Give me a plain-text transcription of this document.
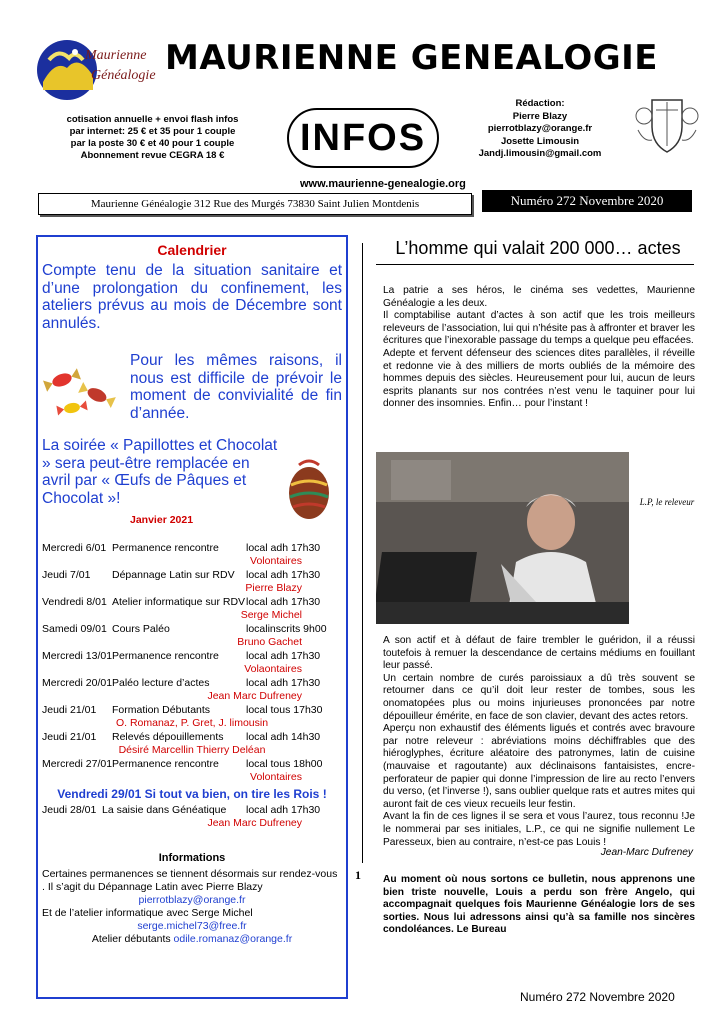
Maurienne
Généalogie MAURIENNE GENEALOGIE
cotisation annuelle + envoi flash infos
par internet: 25 € et 35 pour 1 couple
par la poste 30 € et 40 pour 1 couple
Abonnement revue CEGRA 18 €	INFOS
Rédaction:
Pierre Blazy
pierrotblazy@orange.fr
Josette Limousin
Jandj.limousin@gmail.com
www.maurienne-genealogie.org
Maurienne Généalogie 312 Rue des Murgés 73830 Saint Julien Montdenis	Numéro 272 Novembre 2020
Calendrier
Compte tenu de la situation sanitaire et d’une prolongation du confinement, les ateliers prévus au mois de Décembre sont annulés.
Pour les mêmes raisons, il nous est difficile de prévoir le moment de convivialité de fin d’année.
La soirée « Papillottes et Chocolat » sera peut-être remplacée en avril par « Œufs de Pâques et Chocolat »!
Janvier 2021
Mercredi 6/01 Permanence rencontre	local adh 17h30
Volontaires
Jeudi 7/01 Dépannage Latin sur RDV local adh 17h30
Pierre Blazy
Vendredi 8/01 Atelier informatique sur RDV local adh 17h30
Serge Michel
Samedi 09/01 Cours Paléo	localinscrits 9h00
Bruno Gachet
Mercredi 13/01 Permanence rencontre	local adh 17h30
Volaontaires
Mercredi 20/01 Paléo lecture d’actes	local adh 17h30
Jean Marc Dufreney
Jeudi 21/01 Formation Débutants	local tous 17h30
O. Romanaz, P. Gret, J. limousin
Jeudi 21/01 Relevés dépouillements local adh 14h30
Désiré Marcellin Thierry Deléan
Mercredi 27/01 Permanence rencontre	local tous 18h00
Volontaires
Vendredi 29/01 Si tout va bien, on tire les Rois !
Jeudi 28/01 La saisie dans Généatique local adh 17h30
Jean Marc Dufreney
Informations
Certaines permanences se tiennent désormais sur rendez-vous . Il s’agit du Dépannage Latin avec Pierre Blazy
pierrotblazy@orange.fr
Et de l’atelier informatique avec Serge Michel
serge.michel73@free.fr
Atelier débutants odile.romanaz@orange.fr
L’homme qui valait 200 000… actes
La patrie a ses héros, le cinéma ses vedettes, Maurienne Généalogie a les deux.
Il comptabilise autant d’actes à son actif que les trois meilleurs releveurs de l’association, lui qui n’hésite pas à affronter et braver les écritures que l’inexorable passage du temps a quelque peu effacées.
Adepte et fervent défenseur des sciences dites parallèles, il réveille et redonne vie à des milliers de morts oubliés de la mémoire des hommes depuis des siècles. Heureusement pour lui, aucun de leurs esprits planants sur nos contrées n’est venu le taquiner pour lui donner des insomnies. Enfin… pour l’instant !
L.P, le releveur
A son actif et à défaut de faire trembler le guéridon, il a réussi toutefois à remuer la descendance de certains médiums en fouillant leur passé.
Un certain nombre de curés paroissiaux a dû très souvent se retourner dans ce qu’il doit leur rester de tombes, sous les onomatopées plus ou moins injurieuses prononcées par notre dépouilleur émérite, en face de son clavier, devant des actes retors.
Aperçu non exhaustif des éléments ligués et contrés avec bravoure par notre releveur : abréviations moins déchiffrables que des hiéroglyphes, écriture aléatoire des patronymes, latin de cuisine (mauvaise et ragoutante) aux déclinaisons fantaisistes, encre-perforateur de papier qui donne l’impression de lire au recto l’envers du verso, (et l’inverse !), sans oublier quelque rats et autres mites qui auront fait de ces vieux recueils leur festin.
Avant la fin de ces lignes il se sera et vous l’aurez, tous reconnu !Je le nommerai par ses initiales, L.P., ce qui ne signifie nullement Le Paresseux, bien au contraire, n’est-ce pas Louis !
Jean-Marc Dufreney
Au moment où nous sortons ce bulletin, nous apprenons une bien triste nouvelle, Louis a perdu son frère Angelo, qui accompagnait quelques fois Maurienne Généalogie lors de ses sorties. Nous lui adressons ainsi qu’à sa famille nos sincères condoléances. Le Bureau
1
Numéro 272 Novembre 2020
